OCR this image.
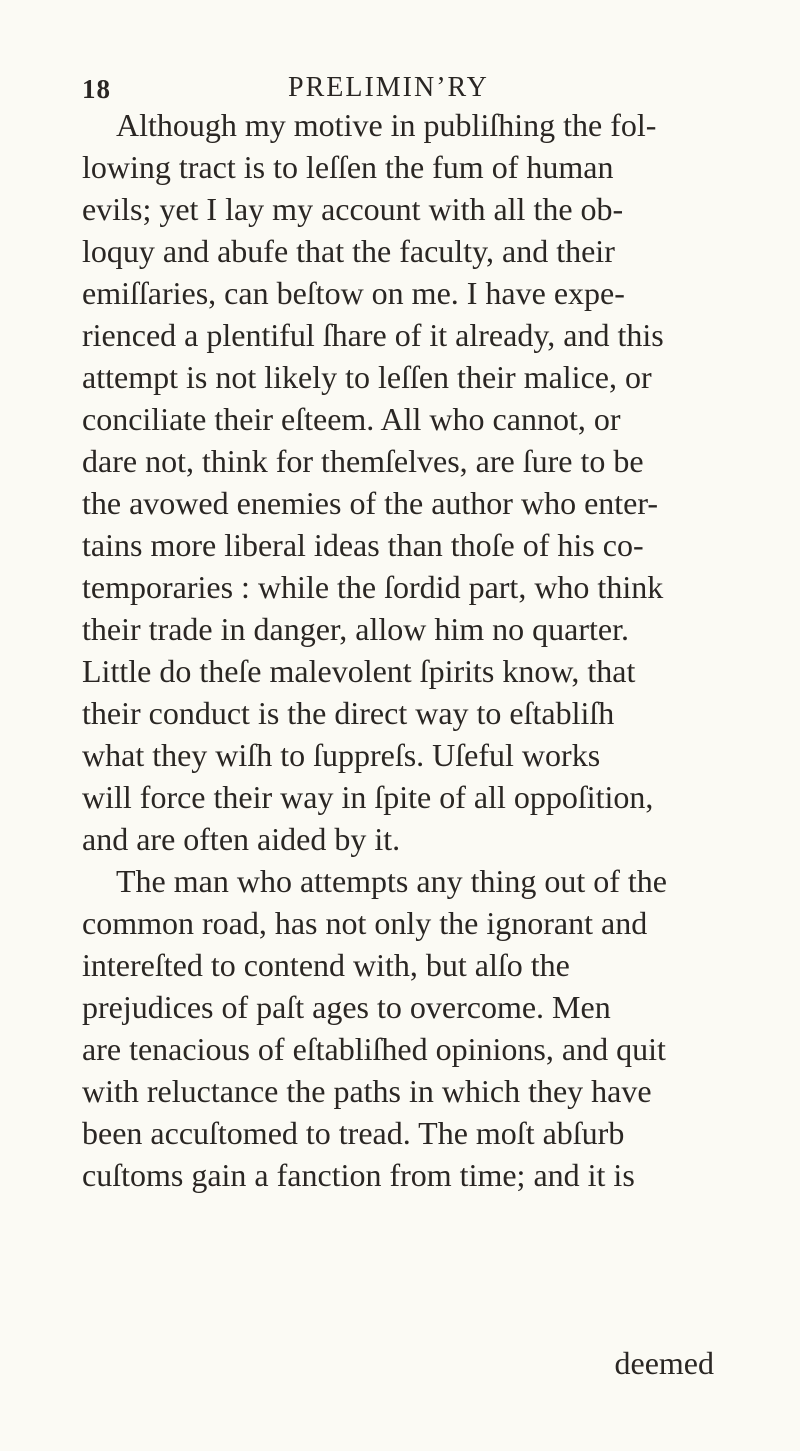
18	PRELIMIN’RY
Although my motive in publiſhing the fol-
lowing tract is to leſſen the fum of human
evils; yet I lay my account with all the ob-
loquy and abufe that the faculty, and their
emiſſaries, can beſtow on me. I have expe-
rienced a plentiful ſhare of it already, and this
attempt is not likely to leſſen their malice, or
conciliate their eſteem. All who cannot, or
dare not, think for themſelves, are ſure to be
the avowed enemies of the author who enter-
tains more liberal ideas than thoſe of his co-
temporaries : while the ſordid part, who think
their trade in danger, allow him no quarter.
Little do theſe malevolent ſpirits know, that
their conduct is the direct way to eſtabliſh
what they wiſh to ſuppreſs. Uſeful works
will force their way in ſpite of all oppoſition,
and are often aided by it.
The man who attempts any thing out of the
common road, has not only the ignorant and
intereſted to contend with, but alſo the
prejudices of paſt ages to overcome. Men
are tenacious of eſtabliſhed opinions, and quit
with reluctance the paths in which they have
been accuſtomed to tread. The moſt abſurb
cuſtoms gain a fanction from time; and it is
deemed
